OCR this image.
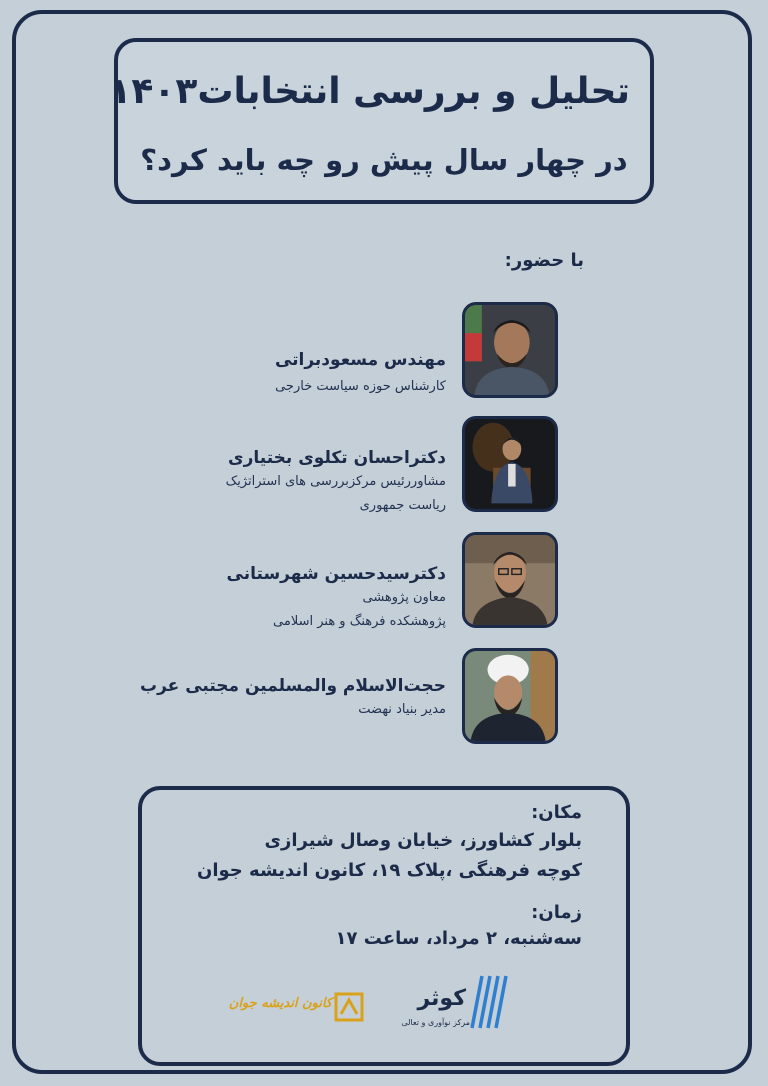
تحلیل و بررسی انتخابات۱۴۰۳
در چهار سال پیش رو چه باید کرد؟
با حضور:
مهندس مسعودبراتی
کارشناس حوزه سیاست خارجی
دکتراحسان تکلوی بختیاری
مشاوررئیس مرکزبررسی های استراتژیک
ریاست جمهوری
دکترسیدحسین شهرستانی
معاون پژوهشی
پژوهشکده فرهنگ و هنر اسلامی
حجت‌الاسلام والمسلمین مجتبی عرب
مدیر بنیاد نهضت
مکان:
بلوار کشاورز، خیابان وصال شیرازی
کوچه فرهنگی ،پلاک ۱۹، کانون اندیشه جوان
زمان:
سه‌شنبه، ۲ مرداد، ساعت ۱۷
کانون اندیشه جوان	کوثر
مرکز نوآوری و تعالی
